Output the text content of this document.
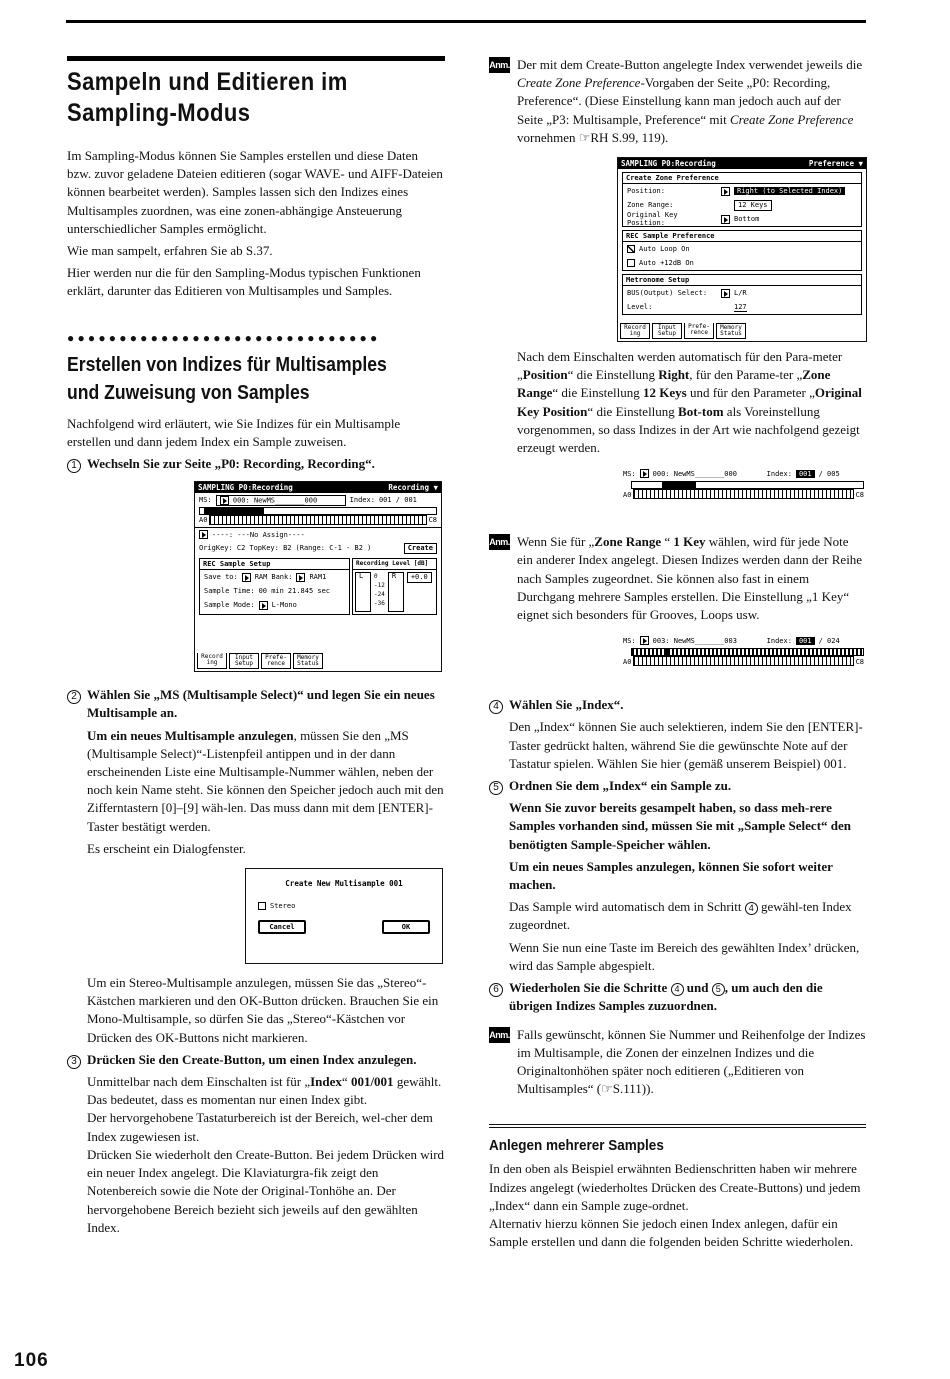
Sampeln und Editieren im
Sampling-Modus

Im Sampling-Modus können Sie Samples erstellen und diese Daten bzw. zuvor geladene Dateien editieren (sogar WAVE- und AIFF-Dateien können bearbeitet werden). Samples lassen sich den Indizes eines Multisamples zuordnen, was eine zonen-abhängige Ansteuerung unterschiedlicher Samples ermöglicht.

Wie man sampelt, erfahren Sie ab S.37.

Hier werden nur die für den Sampling-Modus typischen Funktionen erklärt, darunter das Editieren von Multisamples und Samples.

●●●●●●●●●●●●●●●●●●●●●●●●●●●●●●
Erstellen von Indizes für Multisamples
und Zuweisung von Samples

Nachfolgend wird erläutert, wie Sie Indizes für ein Multisample erstellen und dann jedem Index ein Sample zuweisen.

1 Wechseln Sie zur Seite „P0: Recording, Recording“.
SAMPLING P0:Recording	Recording ▼
MS:	000: NewMS_______000	Index: 001 / 001
A0	C8
----: ---No Assign----
OrigKey: C2 TopKey: B2 (Range: C-1 - B2 )	Create
REC Sample Setup
Save to: RAM Bank: RAM1
Sample Time: 00 min 21.845 sec
Sample Mode: L-Mono
Recording Level [dB]
L 0
-12
-24
-36
R	+0.0
Record ing
Input Setup
Prefe- rence
Memory Status
2 Wählen Sie „MS (Multisample Select)“ und legen Sie ein neues Multisample an.

Um ein neues Multisample anzulegen, müssen Sie den „MS (Multisample Select)“-Listenpfeil antippen und in der dann erscheinenden Liste eine Multisample-Nummer wählen, neben der noch kein Name steht. Sie können den Speicher jedoch auch mit den Zifferntastern [0]–[9] wäh-len. Das muss dann mit dem [ENTER]-Taster bestätigt werden.

Es erscheint ein Dialogfenster.

Create New Multisample 001
Stereo
Cancel	OK

Um ein Stereo-Multisample anzulegen, müssen Sie das „Stereo“-Kästchen markieren und den OK-Button drücken. Brauchen Sie ein Mono-Multisample, so dürfen Sie das „Stereo“-Kästchen vor Drücken des OK-Buttons nicht markieren.

3 Drücken Sie den Create-Button, um einen Index anzulegen.

Unmittelbar nach dem Einschalten ist für „Index“ 001/001 gewählt. Das bedeutet, dass es momentan nur einen Index gibt.

Der hervorgehobene Tastaturbereich ist der Bereich, wel-cher dem Index zugewiesen ist.

Drücken Sie wiederholt den Create-Button. Bei jedem Drücken wird ein neuer Index angelegt. Die Klaviaturgra-fik zeigt den Notenbereich sowie die Note der Original-Tonhöhe an. Der hervorgehobene Bereich bezieht sich jeweils auf den gewählten Index.

Anm. Der mit dem Create-Button angelegte Index verwendet jeweils die Create Zone Preference-Vorgaben der Seite „P0: Recording, Preference“. (Diese Einstellung kann man jedoch auch auf der Seite „P3: Multisample, Preference“ mit Create Zone Preference vornehmen ☞RH S.99, 119).

SAMPLING P0:Recording	Preference ▼
Create Zone Preference
Position:	Right (to Selected Index)
Zone Range:	12 Keys
Original Key Position:	Bottom
REC Sample Preference
Auto Loop On
Auto +12dB On
Metronome Setup
BUS(Output) Select:	L/R
Level:	127
Record ing
Input Setup
Prefe- rence
Memory Status

Nach dem Einschalten werden automatisch für den Para-meter „Position“ die Einstellung Right, für den Parame-ter „Zone Range“ die Einstellung 12 Keys und für den Parameter „Original Key Position“ die Einstellung Bot-tom als Voreinstellung vorgenommen, so dass Indizes in der Art wie nachfolgend gezeigt erzeugt werden.

MS: 000: NewMS_______000	Index:	001	/ 005
A0	C8
Anm. Wenn Sie für „Zone Range “ 1 Key wählen, wird für jede Note ein anderer Index angelegt. Diesen Indizes werden dann der Reihe nach Samples zugeordnet. Sie können also fast in einem Durchgang mehrere Samples erstellen. Die Einstellung „1 Key“ eignet sich besonders für Grooves, Loops usw.

MS: 003: NewMS_______003	Index:	001	/ 024
A0	C8
4 Wählen Sie „Index“.

Den „Index“ können Sie auch selektieren, indem Sie den [ENTER]-Taster gedrückt halten, während Sie die gewünschte Note auf der Tastatur spielen. Wählen Sie hier (gemäß unserem Beispiel) 001.

5 Ordnen Sie dem „Index“ ein Sample zu.

Wenn Sie zuvor bereits gesampelt haben, so dass meh-rere Samples vorhanden sind, müssen Sie mit „Sample Select“ den benötigten Sample-Speicher wählen.

Um ein neues Samples anzulegen, können Sie sofort weiter machen.

Das Sample wird automatisch dem in Schritt 4 gewähl-ten Index zugeordnet.

Wenn Sie nun eine Taste im Bereich des gewählten Index’ drücken, wird das Sample abgespielt.

6 Wiederholen Sie die Schritte 4 und 5 , um auch den die übrigen Indizes Samples zuzuordnen.
Anm. Falls gewünscht, können Sie Nummer und Reihenfolge der Indizes im Multisample, die Zonen der einzelnen Indizes und die Originaltonhöhen später noch editieren („Editieren von Multisamples“ (☞S.111)).

Anlegen mehrerer Samples

In den oben als Beispiel erwähnten Bedienschritten haben wir mehrere Indizes angelegt (wiederholtes Drücken des Create-Buttons) und jedem „Index“ dann ein Sample zuge-ordnet.

Alternativ hierzu können Sie jedoch einen Index anlegen, dafür ein Sample erstellen und dann die folgenden beiden Schritte wiederholen.

106
